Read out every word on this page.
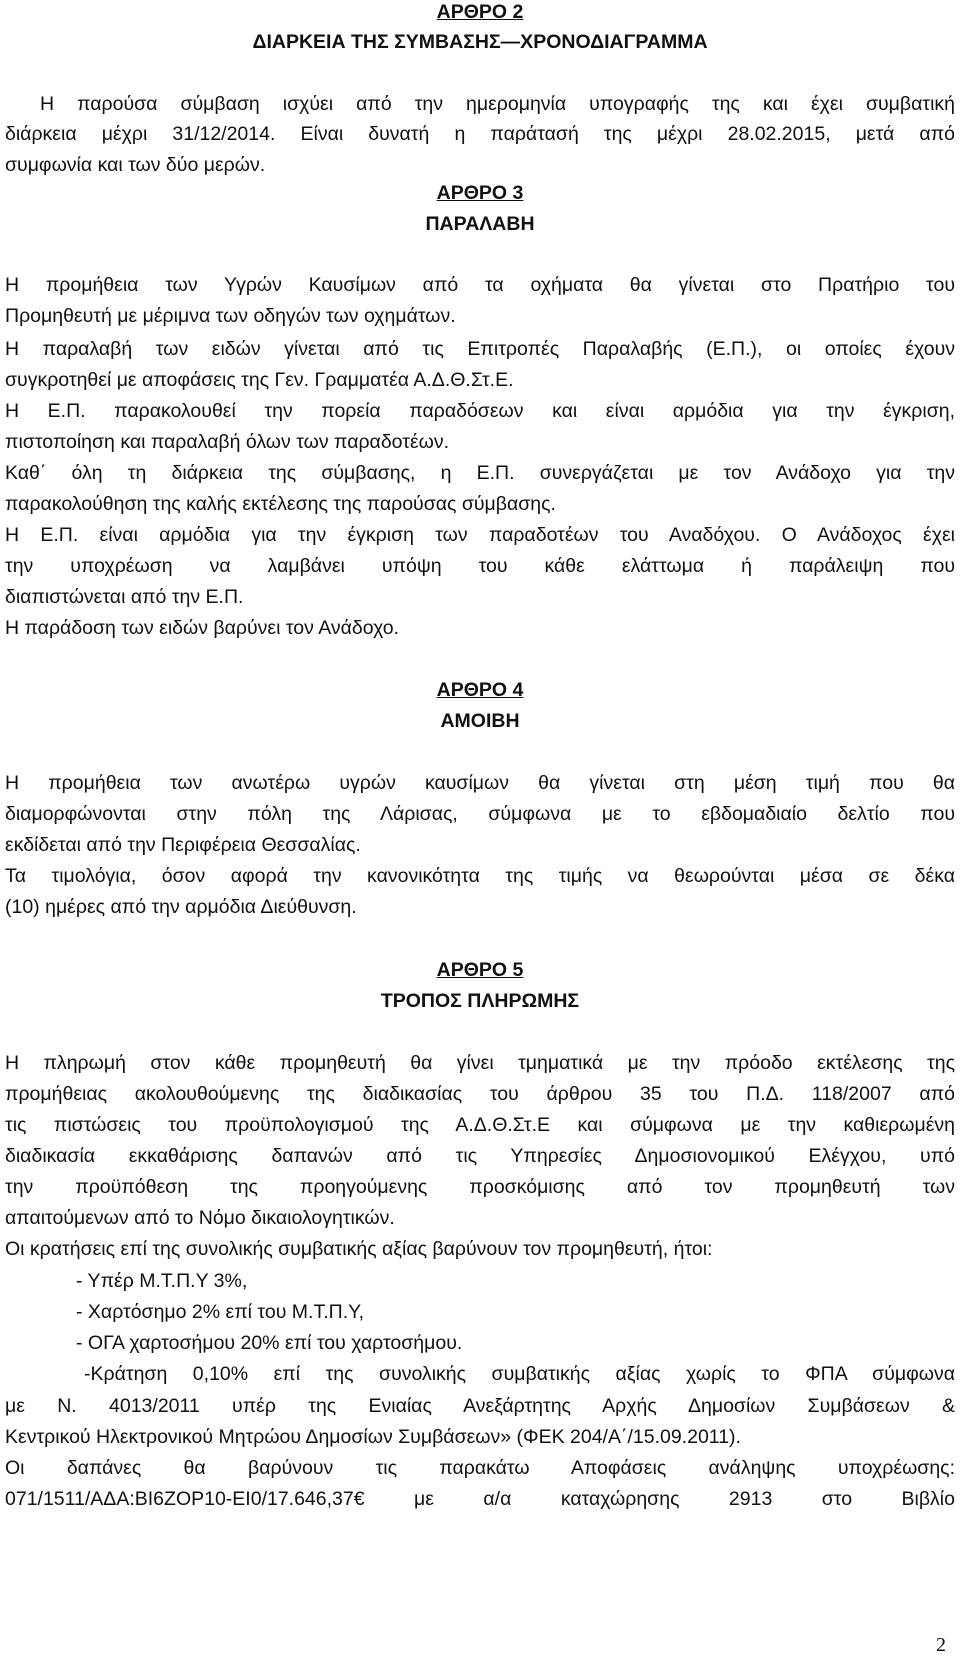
ΑΡΘΡΟ 2
ΔΙΑΡΚΕΙΑ ΤΗΣ ΣΥΜΒΑΣΗΣ—ΧΡΟΝΟΔΙΑΓΡΑΜΜΑ
Η παρούσα σύμβαση ισχύει από την ημερομηνία υπογραφής της και έχει συμβατική
διάρκεια μέχρι 31/12/2014. Είναι δυνατή η παράτασή της μέχρι 28.02.2015, μετά από
συμφωνία και των δύο μερών.
ΑΡΘΡΟ 3
ΠΑΡΑΛΑΒΗ
Η προμήθεια των Υγρών Καυσίμων από τα οχήματα θα γίνεται στο Πρατήριο του
Προμηθευτή με μέριμνα των οδηγών των οχημάτων.
Η παραλαβή των ειδών γίνεται από τις Επιτροπές Παραλαβής (Ε.Π.), οι οποίες έχουν
συγκροτηθεί με αποφάσεις της Γεν. Γραμματέα Α.Δ.Θ.Στ.Ε.
Η Ε.Π. παρακολουθεί την πορεία παραδόσεων και είναι αρμόδια για την έγκριση,
πιστοποίηση και παραλαβή όλων των παραδοτέων.
Καθ΄ όλη τη διάρκεια της σύμβασης, η Ε.Π. συνεργάζεται με τον Ανάδοχο για την
παρακολούθηση της καλής εκτέλεσης της παρούσας σύμβασης.
Η Ε.Π. είναι αρμόδια για την έγκριση των παραδοτέων του Αναδόχου. Ο Ανάδοχος έχει
την υποχρέωση να λαμβάνει υπόψη του κάθε ελάττωμα ή παράλειψη που
διαπιστώνεται από την Ε.Π.
Η παράδοση των ειδών βαρύνει τον Ανάδοχο.
ΑΡΘΡΟ 4
ΑΜΟΙΒΗ
Η προμήθεια των ανωτέρω υγρών καυσίμων θα γίνεται στη μέση τιμή που θα
διαμορφώνονται στην πόλη της Λάρισας, σύμφωνα με το εβδομαδιαίο δελτίο που
εκδίδεται από την Περιφέρεια Θεσσαλίας.
Τα τιμολόγια, όσον αφορά την κανονικότητα της τιμής να θεωρούνται μέσα σε δέκα
(10) ημέρες από την αρμόδια Διεύθυνση.
ΑΡΘΡΟ 5
ΤΡΟΠΟΣ ΠΛΗΡΩΜΗΣ
Η πληρωμή στον κάθε προμηθευτή θα γίνει τμηματικά με την πρόοδο εκτέλεσης της
προμήθειας ακολουθούμενης της διαδικασίας του άρθρου 35 του Π.Δ. 118/2007 από
τις πιστώσεις του προϋπολογισμού της Α.Δ.Θ.Στ.Ε και σύμφωνα με την καθιερωμένη
διαδικασία εκκαθάρισης δαπανών από τις Υπηρεσίες Δημοσιονομικού Ελέγχου, υπό
την προϋπόθεση της προηγούμενης προσκόμισης από τον προμηθευτή των
απαιτούμενων από το Νόμο δικαιολογητικών.
Οι κρατήσεις επί της συνολικής συμβατικής αξίας βαρύνουν τον προμηθευτή, ήτοι:
- Υπέρ Μ.Τ.Π.Υ 3%,
- Χαρτόσημο 2% επί του Μ.Τ.Π.Υ,
- ΟΓΑ χαρτοσήμου 20% επί του χαρτοσήμου.
-Κράτηση 0,10% επί της συνολικής συμβατικής αξίας χωρίς το ΦΠΑ σύμφωνα
με Ν. 4013/2011 υπέρ της Ενιαίας Ανεξάρτητης Αρχής Δημοσίων Συμβάσεων &
Κεντρικού Ηλεκτρονικού Μητρώου Δημοσίων Συμβάσεων» (ΦΕΚ 204/Α΄/15.09.2011).
Οι δαπάνες θα βαρύνουν τις παρακάτω Αποφάσεις ανάληψης υποχρέωσης:
071/1511/ΑΔΑ:ΒΙ6ΖΟΡ10-ΕΙ0/17.646,37€ με α/α καταχώρησης 2913 στο Βιβλίο
2
